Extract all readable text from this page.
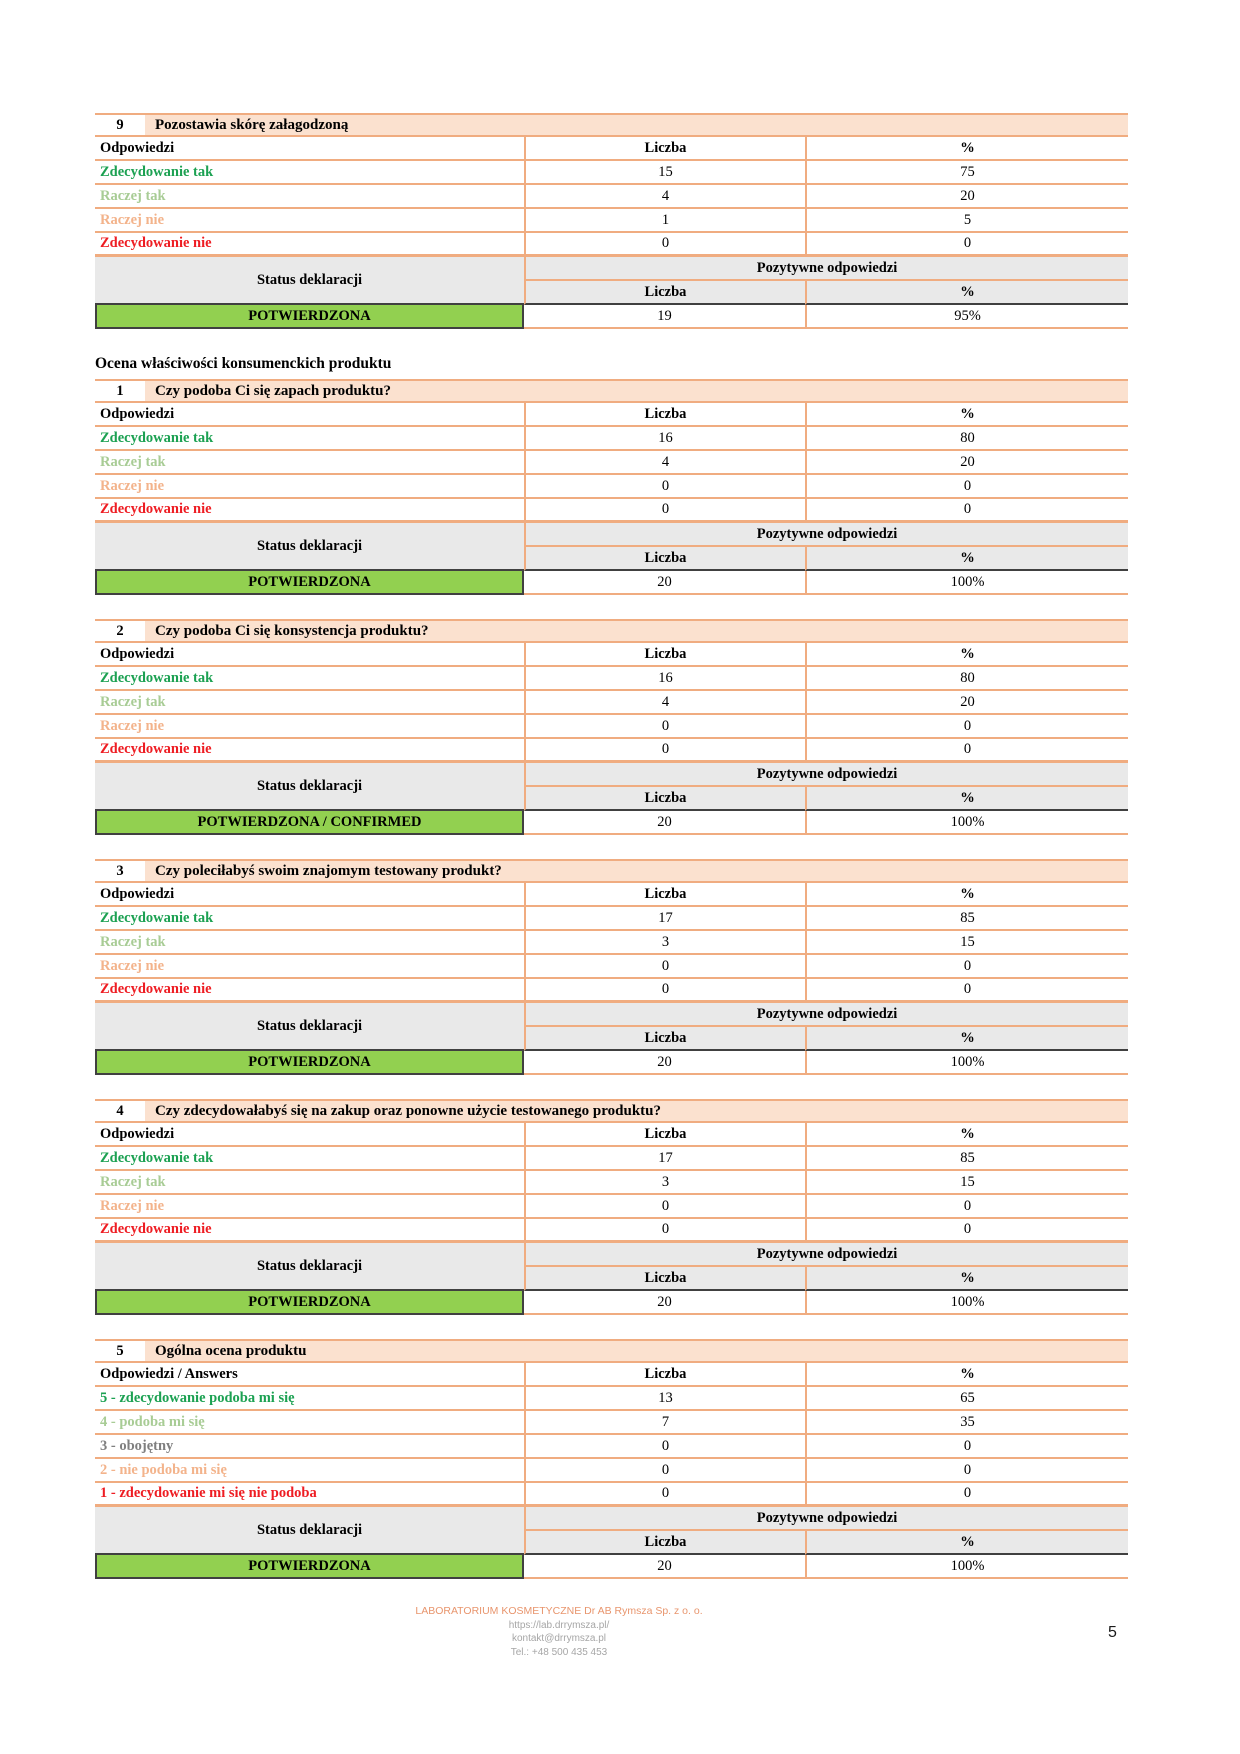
9	Pozostawia skórę załagodzoną
Odpowiedzi	Liczba	%
Zdecydowanie tak	15	75
Raczej tak	4	20
Raczej nie	1	5
Zdecydowanie nie	0	0
Status deklaracji
Pozytywne odpowiedzi
Liczba	%
POTWIERDZONA	19	95%
Ocena właściwości konsumenckich produktu
1	Czy podoba Ci się zapach produktu?
Odpowiedzi	Liczba	%
Zdecydowanie tak	16	80
Raczej tak	4	20
Raczej nie	0	0
Zdecydowanie nie	0	0
Status deklaracji
Pozytywne odpowiedzi
Liczba	%
POTWIERDZONA	20	100%
2	Czy podoba Ci się konsystencja produktu?
Odpowiedzi	Liczba	%
Zdecydowanie tak	16	80
Raczej tak	4	20
Raczej nie	0	0
Zdecydowanie nie	0	0
Status deklaracji
Pozytywne odpowiedzi
Liczba	%
POTWIERDZONA / CONFIRMED	20	100%
3	Czy poleciłabyś swoim znajomym testowany produkt?
Odpowiedzi	Liczba	%
Zdecydowanie tak	17	85
Raczej tak	3	15
Raczej nie	0	0
Zdecydowanie nie	0	0
Status deklaracji
Pozytywne odpowiedzi
Liczba	%
POTWIERDZONA	20	100%
4	Czy zdecydowałabyś się na zakup oraz ponowne użycie testowanego produktu?
Odpowiedzi	Liczba	%
Zdecydowanie tak	17	85
Raczej tak	3	15
Raczej nie	0	0
Zdecydowanie nie	0	0
Status deklaracji
Pozytywne odpowiedzi
Liczba	%
POTWIERDZONA	20	100%
5	Ogólna ocena produktu
Odpowiedzi / Answers	Liczba	%
5 - zdecydowanie podoba mi się	13	65
4 - podoba mi się	7	35
3 - obojętny	0	0
2 - nie podoba mi się	0	0
1 - zdecydowanie mi się nie podoba	0	0
Status deklaracji
Pozytywne odpowiedzi
Liczba	%
POTWIERDZONA	20	100%
LABORATORIUM KOSMETYCZNE Dr AB Rymsza Sp. z o. o.
https://lab.drrymsza.pl/
kontakt@drrymsza.pl
Tel.: +48 500 435 453
5
